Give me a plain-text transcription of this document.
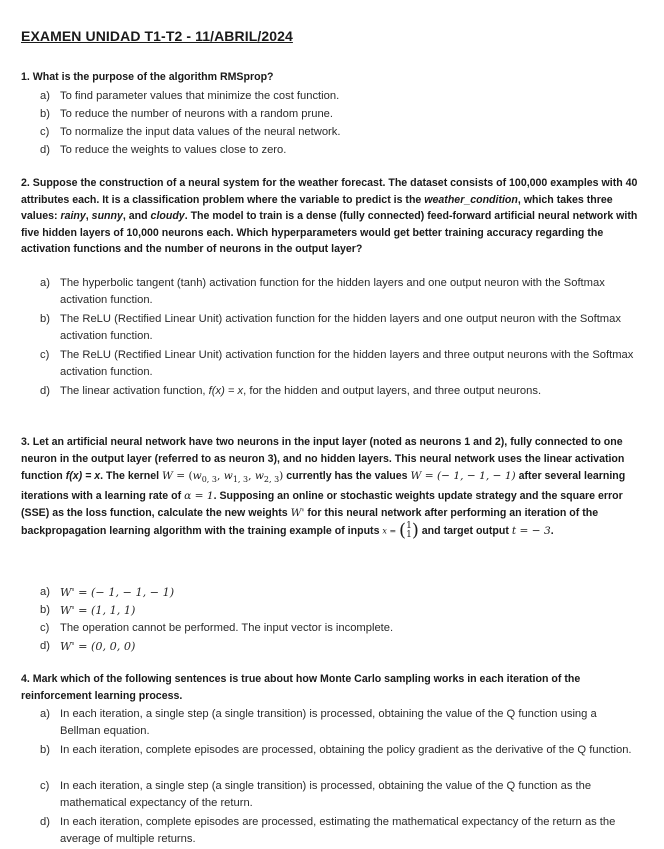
EXAMEN UNIDAD T1-T2 - 11/ABRIL/2024
1. What is the purpose of the algorithm RMSprop?
a) To find parameter values that minimize the cost function.
b) To reduce the number of neurons with a random prune.
c) To normalize the input data values of the neural network.
d) To reduce the weights to values close to zero.
2. Suppose the construction of a neural system for the weather forecast. The dataset consists of 100,000 examples with 40 attributes each. It is a classification problem where the variable to predict is the weather_condition, which takes three values: rainy, sunny, and cloudy. The model to train is a dense (fully connected) feed-forward artificial neural network with five hidden layers of 10,000 neurons each. Which hyperparameters would get better training accuracy regarding the activation functions and the number of neurons in the output layer?
a) The hyperbolic tangent (tanh) activation function for the hidden layers and one output neuron with the Softmax activation function.
b) The ReLU (Rectified Linear Unit) activation function for the hidden layers and one output neuron with the Softmax activation function.
c) The ReLU (Rectified Linear Unit) activation function for the hidden layers and three output neurons with the Softmax activation function.
d) The linear activation function, f(x) = x, for the hidden and output layers, and three output neurons.
3. Let an artificial neural network have two neurons in the input layer (noted as neurons 1 and 2), fully connected to one neuron in the output layer (referred to as neuron 3), and no hidden layers. This neural network uses the linear activation function f(x) = x. The kernel $W = (w_{0, 3}$, $w_{1, 3}$, $w_{2, 3}$) currently has the values W = (− 1, − 1, − 1) after several learning iterations with a learning rate of α = 1. Supposing an online or stochastic weights update strategy and the square error (SSE) as the loss function, calculate the new weights W' for this neural network after performing an iteration of the backpropagation learning algorithm with the training example of inputs x = ( 1
1 ) and target output t = − 3.
a) W' = (− 1, − 1, − 1)
b) W' = (1, 1, 1)
c) The operation cannot be performed. The input vector is incomplete.
d) W' = (0, 0, 0)
4. Mark which of the following sentences is true about how Monte Carlo sampling works in each iteration of the reinforcement learning process.
a) In each iteration, a single step (a single transition) is processed, obtaining the value of the Q function using a Bellman equation.
b) In each iteration, complete episodes are processed, obtaining the policy gradient as the derivative of the Q function.
c) In each iteration, a single step (a single transition) is processed, obtaining the value of the Q function as the mathematical expectancy of the return.
d) In each iteration, complete episodes are processed, estimating the mathematical expectancy of the return as the average of multiple returns.
